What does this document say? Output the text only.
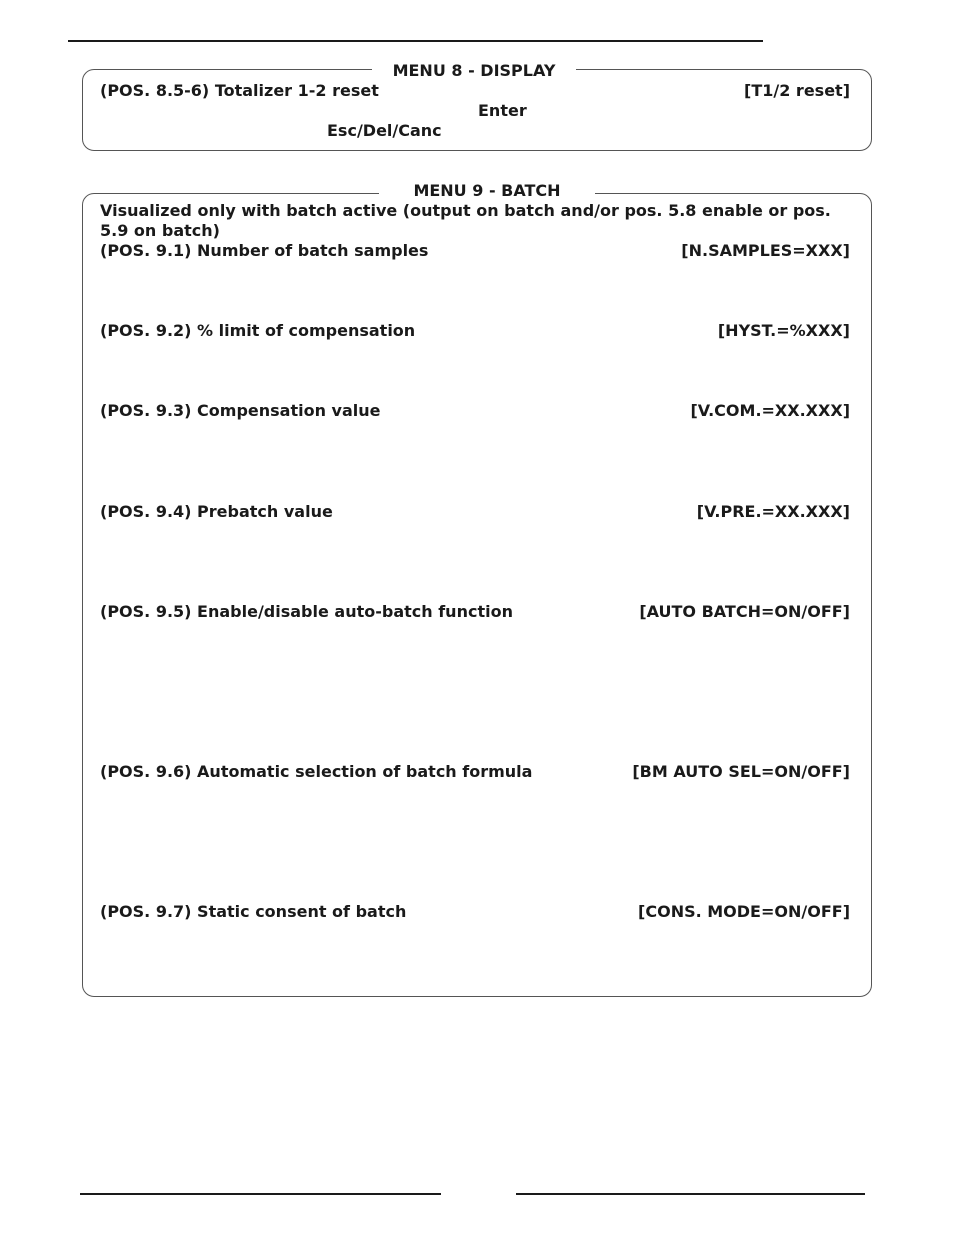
MENU 8 - DISPLAY
(POS. 8.5-6) Totalizer 1-2 reset	[T1/2 reset]
Enter
Esc/Del/Canc
MENU 9 - BATCH
Visualized only with batch active (output on batch and/or pos. 5.8 enable or pos. 5.9 on batch)
(POS. 9.1) Number of batch samples	[N.SAMPLES=XXX]
(POS. 9.2) % limit of compensation	[HYST.=%XXX]
(POS. 9.3) Compensation value	[V.COM.=XX.XXX]
(POS. 9.4) Prebatch value	[V.PRE.=XX.XXX]
(POS. 9.5) Enable/disable auto-batch function	[AUTO BATCH=ON/OFF]
(POS. 9.6) Automatic selection of batch formula	[BM AUTO SEL=ON/OFF]
(POS. 9.7) Static consent of batch	[CONS. MODE=ON/OFF]
